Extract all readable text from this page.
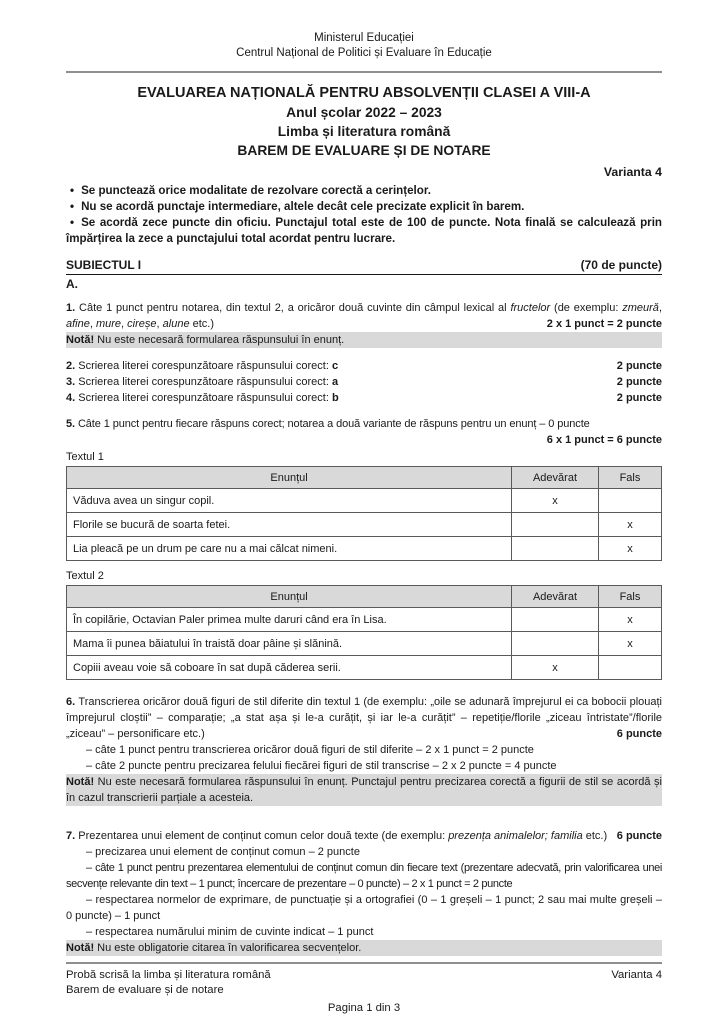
Ministerul Educației
Centrul Național de Politici și Evaluare în Educație
EVALUAREA NAȚIONALĂ PENTRU ABSOLVENȚII CLASEI A VIII-A
Anul școlar 2022 – 2023
Limba și literatura română
BAREM DE EVALUARE ȘI DE NOTARE
Varianta 4
• Se punctează orice modalitate de rezolvare corectă a cerințelor.
• Nu se acordă punctaje intermediare, altele decât cele precizate explicit în barem.
• Se acordă zece puncte din oficiu. Punctajul total este de 100 de puncte. Nota finală se calculează prin împărțirea la zece a punctajului total acordat pentru lucrare.
SUBIECTUL I	(70 de puncte)
A.
1. Câte 1 punct pentru notarea, din textul 2, a oricăror două cuvinte din câmpul lexical al fructelor (de exemplu: zmeură, afine, mure, cireșe, alune etc.)	2 x 1 punct = 2 puncte
Notă! Nu este necesară formularea răspunsului în enunț.
2. Scrierea literei corespunzătoare răspunsului corect: c	2 puncte
3. Scrierea literei corespunzătoare răspunsului corect: a	2 puncte
4. Scrierea literei corespunzătoare răspunsului corect: b	2 puncte
5. Câte 1 punct pentru fiecare răspuns corect; notarea a două variante de răspuns pentru un enunț – 0 puncte
6 x 1 punct = 6 puncte
Textul 1
Enunțul	Adevărat	Fals
Văduva avea un singur copil.	x	
Florile se bucură de soarta fetei.		x
Lia pleacă pe un drum pe care nu a mai călcat nimeni.		x
Textul 2
Enunțul	Adevărat	Fals
În copilărie, Octavian Paler primea multe daruri când era în Lisa.		x
Mama îi punea băiatului în traistă doar pâine și slănină.		x
Copiii aveau voie să coboare în sat după căderea serii.	x	
6. Transcrierea oricăror două figuri de stil diferite din textul 1 (de exemplu: „oile se adunară împrejurul ei ca bobocii plouați împrejurul cloștii” – comparație; „a stat așa și le-a curățit, și iar le-a curățit” – repetiție/florile „ziceau întristate”/florile „ziceau” – personificare etc.)	6 puncte
– câte 1 punct pentru transcrierea oricăror două figuri de stil diferite – 2 x 1 punct = 2 puncte
– câte 2 puncte pentru precizarea felului fiecărei figuri de stil transcrise – 2 x 2 puncte = 4 puncte
Notă! Nu este necesară formularea răspunsului în enunț. Punctajul pentru precizarea corectă a figurii de stil se acordă și în cazul transcrierii parțiale a acesteia.
7. Prezentarea unui element de conținut comun celor două texte (de exemplu: prezența animalelor; familia etc.) 6 puncte
– precizarea unui element de conținut comun – 2 puncte
– câte 1 punct pentru prezentarea elementului de conținut comun din fiecare text (prezentare adecvată, prin valorificarea unei secvențe relevante din text – 1 punct; încercare de prezentare – 0 puncte) – 2 x 1 punct = 2 puncte
– respectarea normelor de exprimare, de punctuație și a ortografiei (0 – 1 greșeli – 1 punct; 2 sau mai multe greșeli – 0 puncte) – 1 punct
– respectarea numărului minim de cuvinte indicat – 1 punct
Notă! Nu este obligatorie citarea în valorificarea secvențelor.
Probă scrisă la limba și literatura română
Barem de evaluare și de notare
Varianta 4
Pagina 1 din 3
